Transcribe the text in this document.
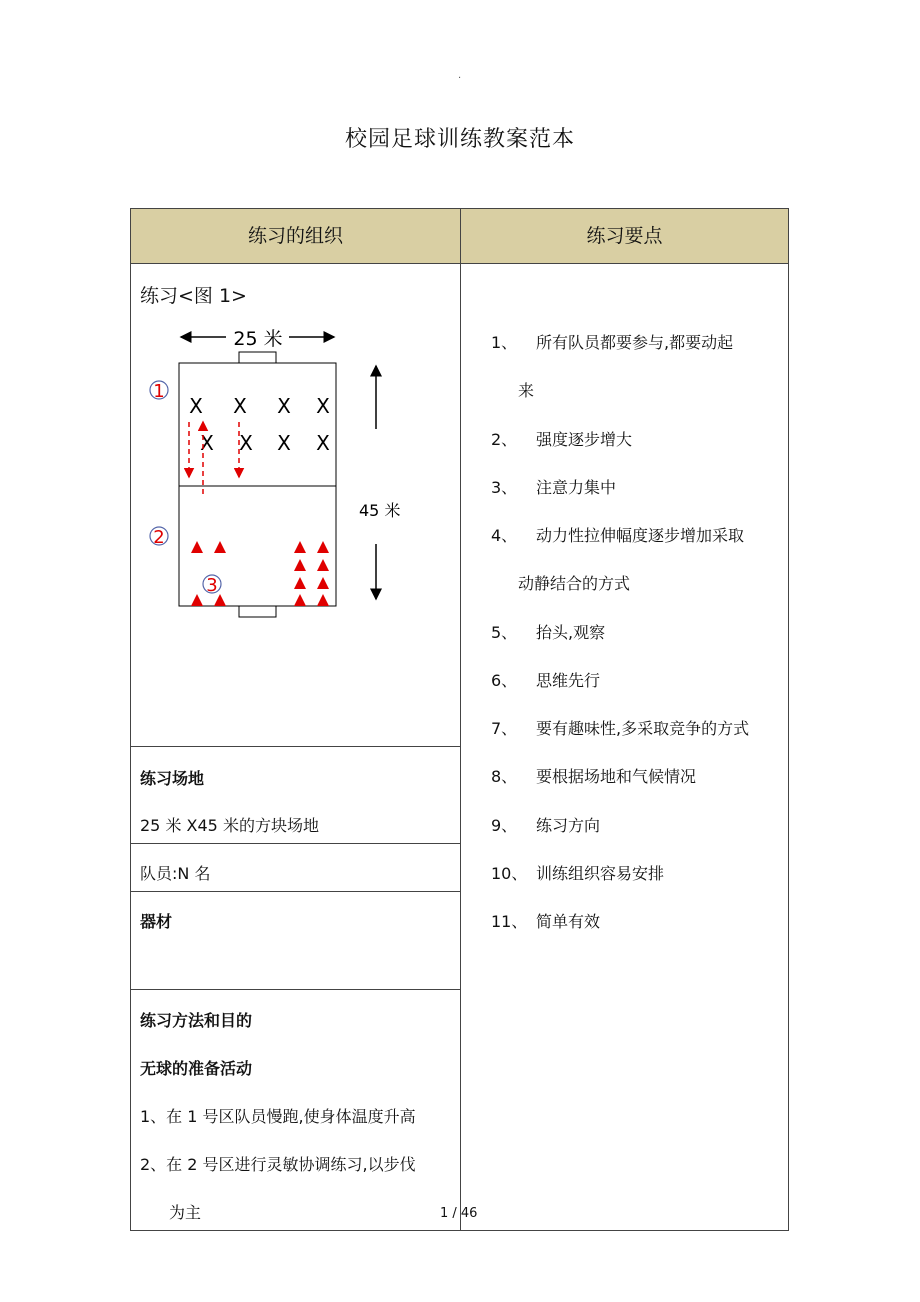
.
校园足球训练教案范本
练习的组织	练习要点
练习<图 1>
25 米
45 米
1
2
3
X X X X
X X X X
练习场地
25 米 X45 米的方块场地
队员:N 名
器材
练习方法和目的
无球的准备活动
1、在 1 号区队员慢跑,使身体温度升高
2、在 2 号区进行灵敏协调练习,以步伐
为主
1、 所有队员都要参与,都要动起
来
2、 强度逐步增大
3、 注意力集中
4、 动力性拉伸幅度逐步增加采取
动静结合的方式
5、 抬头,观察
6、 思维先行
7、 要有趣味性,多采取竞争的方式
8、 要根据场地和气候情况
9、 练习方向
10、 训练组织容易安排
11、 简单有效
1 / 46
